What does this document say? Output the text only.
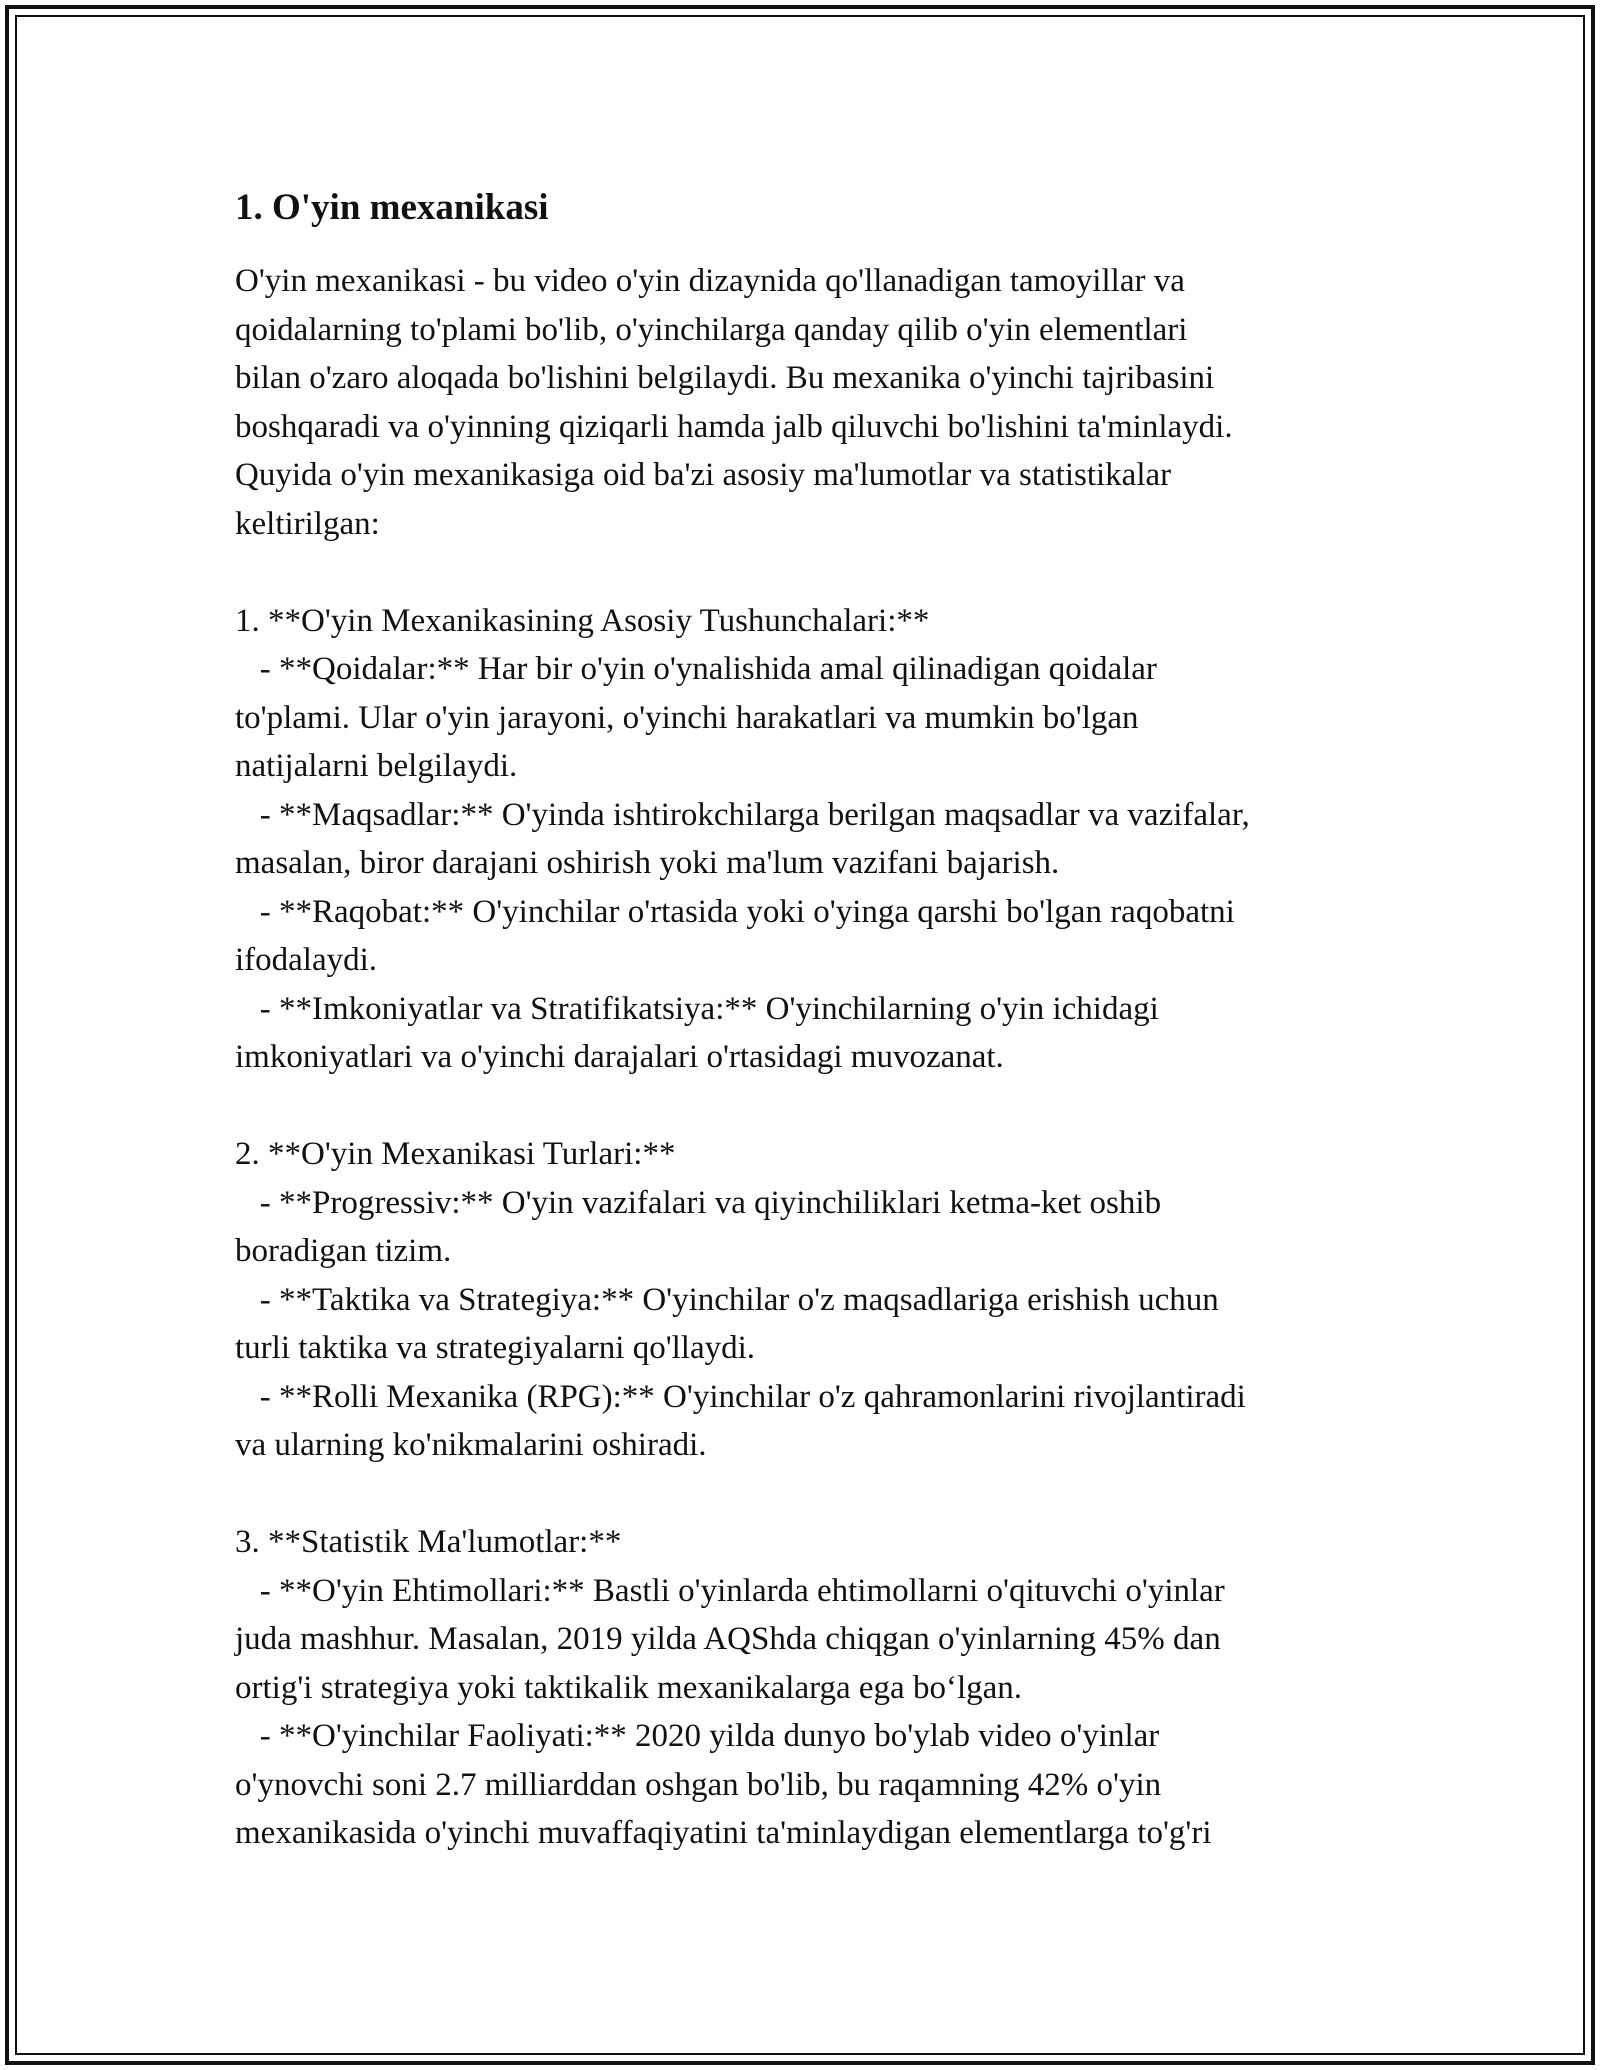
1. O'yin mexanikasi

O'yin mexanikasi - bu video o'yin dizaynida qo'llanadigan tamoyillar va

qoidalarning to'plami bo'lib, o'yinchilarga qanday qilib o'yin elementlari

bilan o'zaro aloqada bo'lishini belgilaydi. Bu mexanika o'yinchi tajribasini

boshqaradi va o'yinning qiziqarli hamda jalb qiluvchi bo'lishini ta'minlaydi.

Quyida o'yin mexanikasiga oid ba'zi asosiy ma'lumotlar va statistikalar

keltirilgan:

1. **O'yin Mexanikasining Asosiy Tushunchalari:**

- **Qoidalar:** Har bir o'yin o'ynalishida amal qilinadigan qoidalar

to'plami. Ular o'yin jarayoni, o'yinchi harakatlari va mumkin bo'lgan

natijalarni belgilaydi.

- **Maqsadlar:** O'yinda ishtirokchilarga berilgan maqsadlar va vazifalar,

masalan, biror darajani oshirish yoki ma'lum vazifani bajarish.

- **Raqobat:** O'yinchilar o'rtasida yoki o'yinga qarshi bo'lgan raqobatni

ifodalaydi.

- **Imkoniyatlar va Stratifikatsiya:** O'yinchilarning o'yin ichidagi

imkoniyatlari va o'yinchi darajalari o'rtasidagi muvozanat.

2. **O'yin Mexanikasi Turlari:**

- **Progressiv:** O'yin vazifalari va qiyinchiliklari ketma-ket oshib

boradigan tizim.

- **Taktika va Strategiya:** O'yinchilar o'z maqsadlariga erishish uchun

turli taktika va strategiyalarni qo'llaydi.

- **Rolli Mexanika (RPG):** O'yinchilar o'z qahramonlarini rivojlantiradi

va ularning ko'nikmalarini oshiradi.

3. **Statistik Ma'lumotlar:**

- **O'yin Ehtimollari:** Bastli o'yinlarda ehtimollarni o'qituvchi o'yinlar

juda mashhur. Masalan, 2019 yilda AQShda chiqgan o'yinlarning 45% dan

ortig'i strategiya yoki taktikalik mexanikalarga ega bo‘lgan.

- **O'yinchilar Faoliyati:** 2020 yilda dunyo bo'ylab video o'yinlar

o'ynovchi soni 2.7 milliarddan oshgan bo'lib, bu raqamning 42% o'yin

mexanikasida o'yinchi muvaffaqiyatini ta'minlaydigan elementlarga to'g'ri
